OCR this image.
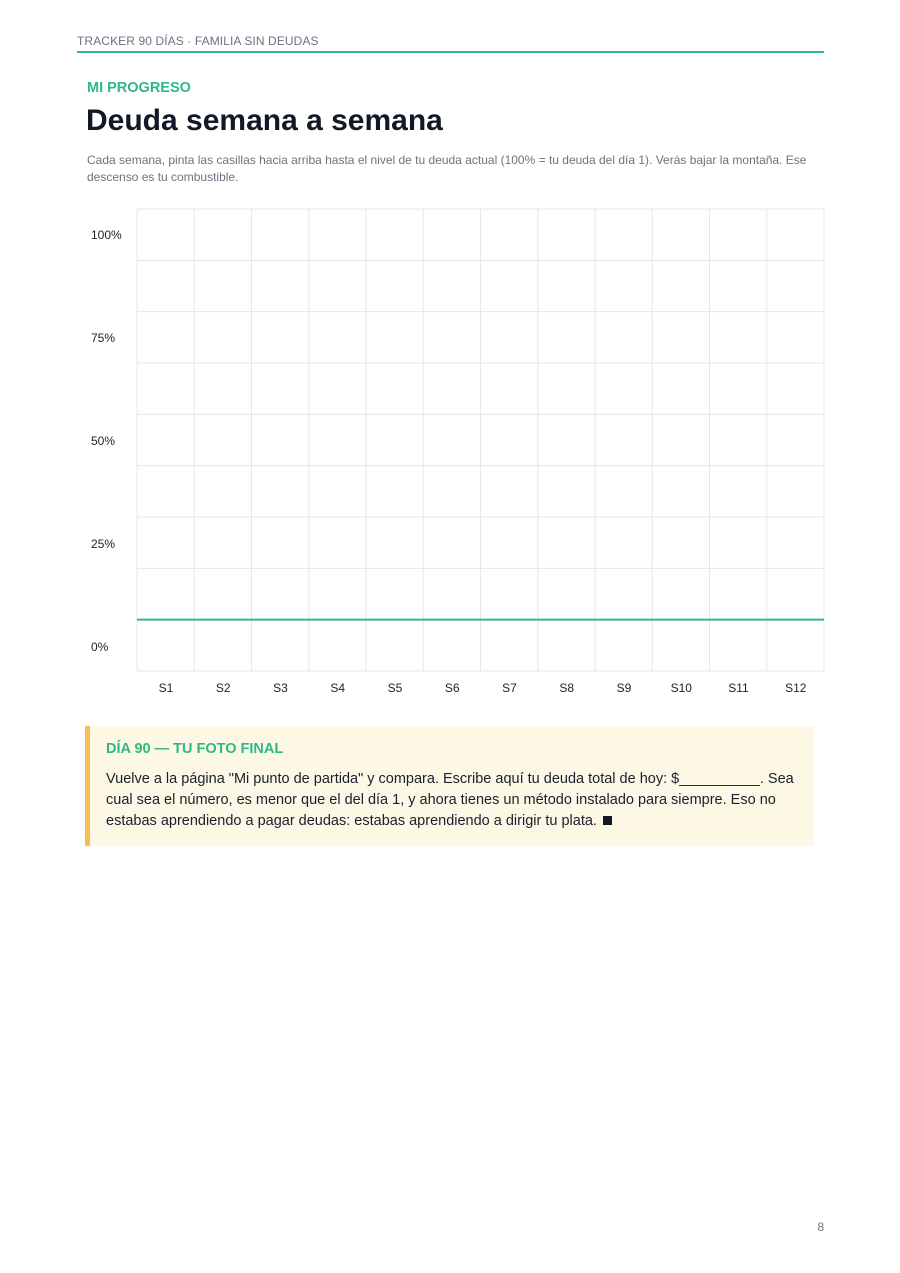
TRACKER 90 DÍAS · FAMILIA SIN DEUDAS
MI PROGRESO
Deuda semana a semana

Cada semana, pinta las casillas hacia arriba hasta el nivel de tu deuda actual (100% = tu deuda del día 1). Verás bajar la montaña. Ese descenso es tu combustible.

100%
75%
50%
25%
0%
S1	S2	S3	S4	S5	S6	S7	S8	S9	S10	S11	S12
DÍA 90 — TU FOTO FINAL

Vuelve a la página "Mi punto de partida" y compara. Escribe aquí tu deuda total de hoy: $__________. Sea cual sea el número, es menor que el del día 1, y ahora tienes un método instalado para siempre. Eso no estabas aprendiendo a pagar deudas: estabas aprendiendo a dirigir tu plata.

8
